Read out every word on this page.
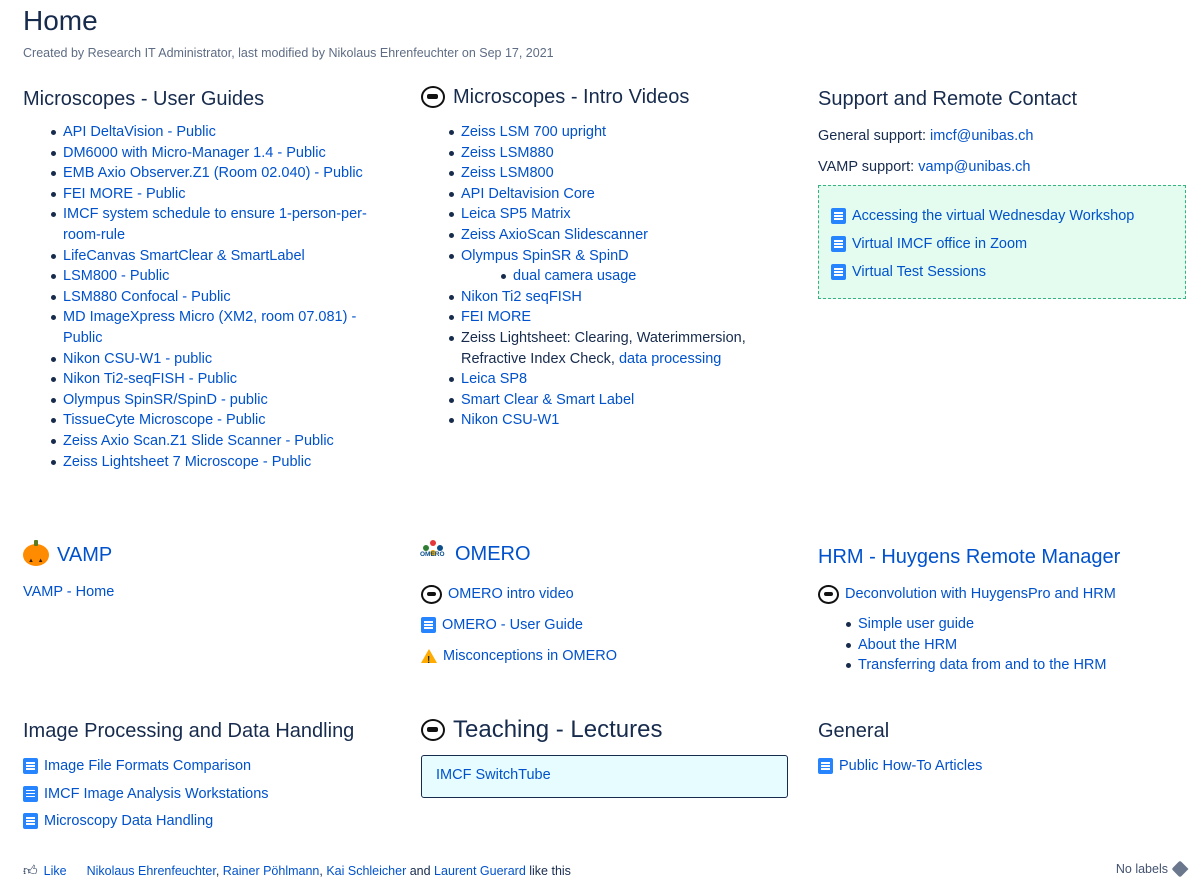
Home
Created by Research IT Administrator, last modified by Nikolaus Ehrenfeuchter on Sep 17, 2021
Microscopes - User Guides
API DeltaVision - Public
DM6000 with Micro-Manager 1.4 - Public
EMB Axio Observer.Z1 (Room 02.040) - Public
FEI MORE - Public
IMCF system schedule to ensure 1-person-per-room-rule
LifeCanvas SmartClear & SmartLabel
LSM800 - Public
LSM880 Confocal - Public
MD ImageXpress Micro (XM2, room 07.081) - Public
Nikon CSU-W1 - public
Nikon Ti2-seqFISH - Public
Olympus SpinSR/SpinD - public
TissueCyte Microscope - Public
Zeiss Axio Scan.Z1 Slide Scanner - Public
Zeiss Lightsheet 7 Microscope - Public
Microscopes - Intro Videos
Zeiss LSM 700 upright
Zeiss LSM880
Zeiss LSM800
API Deltavision Core
Leica SP5 Matrix
Zeiss AxioScan Slidescanner
Olympus SpinSR & SpinD
dual camera usage
Nikon Ti2 seqFISH
FEI MORE
Zeiss Lightsheet: Clearing, Waterimmersion, Refractive Index Check, data processing
Leica SP8
Smart Clear & Smart Label
Nikon CSU-W1
Support and Remote Contact
General support: imcf@unibas.ch
VAMP support: vamp@unibas.ch
Accessing the virtual Wednesday Workshop
Virtual IMCF office in Zoom
Virtual Test Sessions
▲ ▲
VAMP
VAMP - Home
OMERO OMERO
OMERO intro video
OMERO - User Guide
!
Misconceptions in OMERO
HRM - Huygens Remote Manager
Deconvolution with HuygensPro and HRM
Simple user guide
About the HRM
Transferring data from and to the HRM
Image Processing and Data Handling
Image File Formats Comparison
IMCF Image Analysis Workstations
Microscopy Data Handling
Teaching - Lectures
IMCF SwitchTube
General
Public How-To Articles
👍︎ Like Nikolaus Ehrenfeuchter, Rainer Pöhlmann, Kai Schleicher and Laurent Guerard like this	No labels
